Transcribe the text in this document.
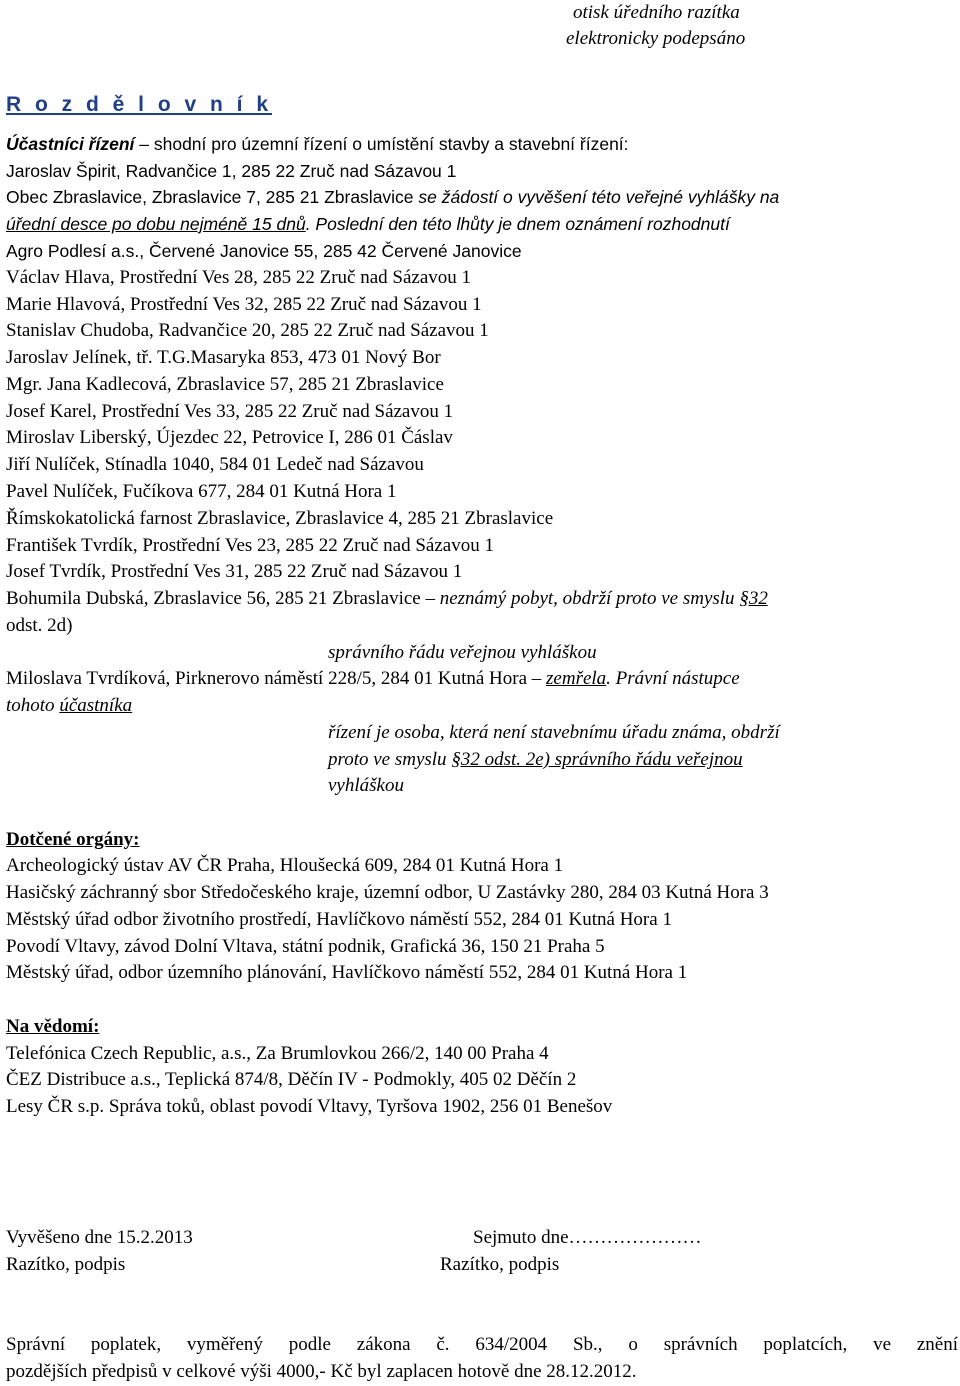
otisk úředního razítka
elektronicky podepsáno
R o z d ě l o v n í k
Účastníci řízení – shodní pro územní řízení o umístění stavby a stavební řízení:
Jaroslav Špirit, Radvančice 1, 285 22 Zruč nad Sázavou 1
Obec Zbraslavice, Zbraslavice 7, 285 21 Zbraslavice se žádostí o vyvěšení této veřejné vyhlášky na
úřední desce po dobu nejméně 15 dnů. Poslední den této lhůty je dnem oznámení rozhodnutí
Agro Podlesí a.s., Červené Janovice 55, 285 42 Červené Janovice
Václav Hlava, Prostřední Ves 28, 285 22 Zruč nad Sázavou 1
Marie Hlavová, Prostřední Ves 32, 285 22 Zruč nad Sázavou 1
Stanislav Chudoba, Radvančice 20, 285 22 Zruč nad Sázavou 1
Jaroslav Jelínek, tř. T.G.Masaryka 853, 473 01 Nový Bor
Mgr. Jana Kadlecová, Zbraslavice 57, 285 21 Zbraslavice
Josef Karel, Prostřední Ves 33, 285 22 Zruč nad Sázavou 1
Miroslav Liberský, Újezdec 22, Petrovice I, 286 01 Čáslav
Jiří Nulíček, Stínadla 1040, 584 01 Ledeč nad Sázavou
Pavel Nulíček, Fučíkova 677, 284 01 Kutná Hora 1
Římskokatolická farnost Zbraslavice, Zbraslavice 4, 285 21 Zbraslavice
František Tvrdík, Prostřední Ves 23, 285 22 Zruč nad Sázavou 1
Josef Tvrdík, Prostřední Ves 31, 285 22 Zruč nad Sázavou 1
Bohumila Dubská, Zbraslavice 56, 285 21 Zbraslavice – neznámý pobyt, obdrží proto ve smyslu §32
odst. 2d)
správního řádu veřejnou vyhláškou
Miloslava Tvrdíková, Pirknerovo náměstí 228/5, 284 01 Kutná Hora – zemřela. Právní nástupce
tohoto účastníka
řízení je osoba, která není stavebnímu úřadu známa, obdrží
proto ve smyslu §32 odst. 2e) správního řádu veřejnou
vyhláškou
Dotčené orgány:
Archeologický ústav AV ČR Praha, Hloušecká 609, 284 01 Kutná Hora 1
Hasičský záchranný sbor Středočeského kraje, územní odbor, U Zastávky 280, 284 03 Kutná Hora 3
Městský úřad odbor životního prostředí, Havlíčkovo náměstí 552, 284 01 Kutná Hora 1
Povodí Vltavy, závod Dolní Vltava, státní podnik, Grafická 36, 150 21 Praha 5
Městský úřad, odbor územního plánování, Havlíčkovo náměstí 552, 284 01 Kutná Hora 1
Na vědomí:
Telefónica Czech Republic, a.s., Za Brumlovkou 266/2, 140 00 Praha 4
ČEZ Distribuce a.s., Teplická 874/8, Děčín IV - Podmokly, 405 02 Děčín 2
Lesy ČR s.p. Správa toků, oblast povodí Vltavy, Tyršova 1902, 256 01 Benešov
Vyvěšeno dne 15.2.2013	Sejmuto dne…………………
Razítko, podpis	Razítko, podpis
Správní poplatek, vyměřený podle zákona č. 634/2004 Sb., o správních poplatcích, ve znění
pozdějších předpisů v celkové výši 4000,- Kč byl zaplacen hotově dne 28.12.2012.
